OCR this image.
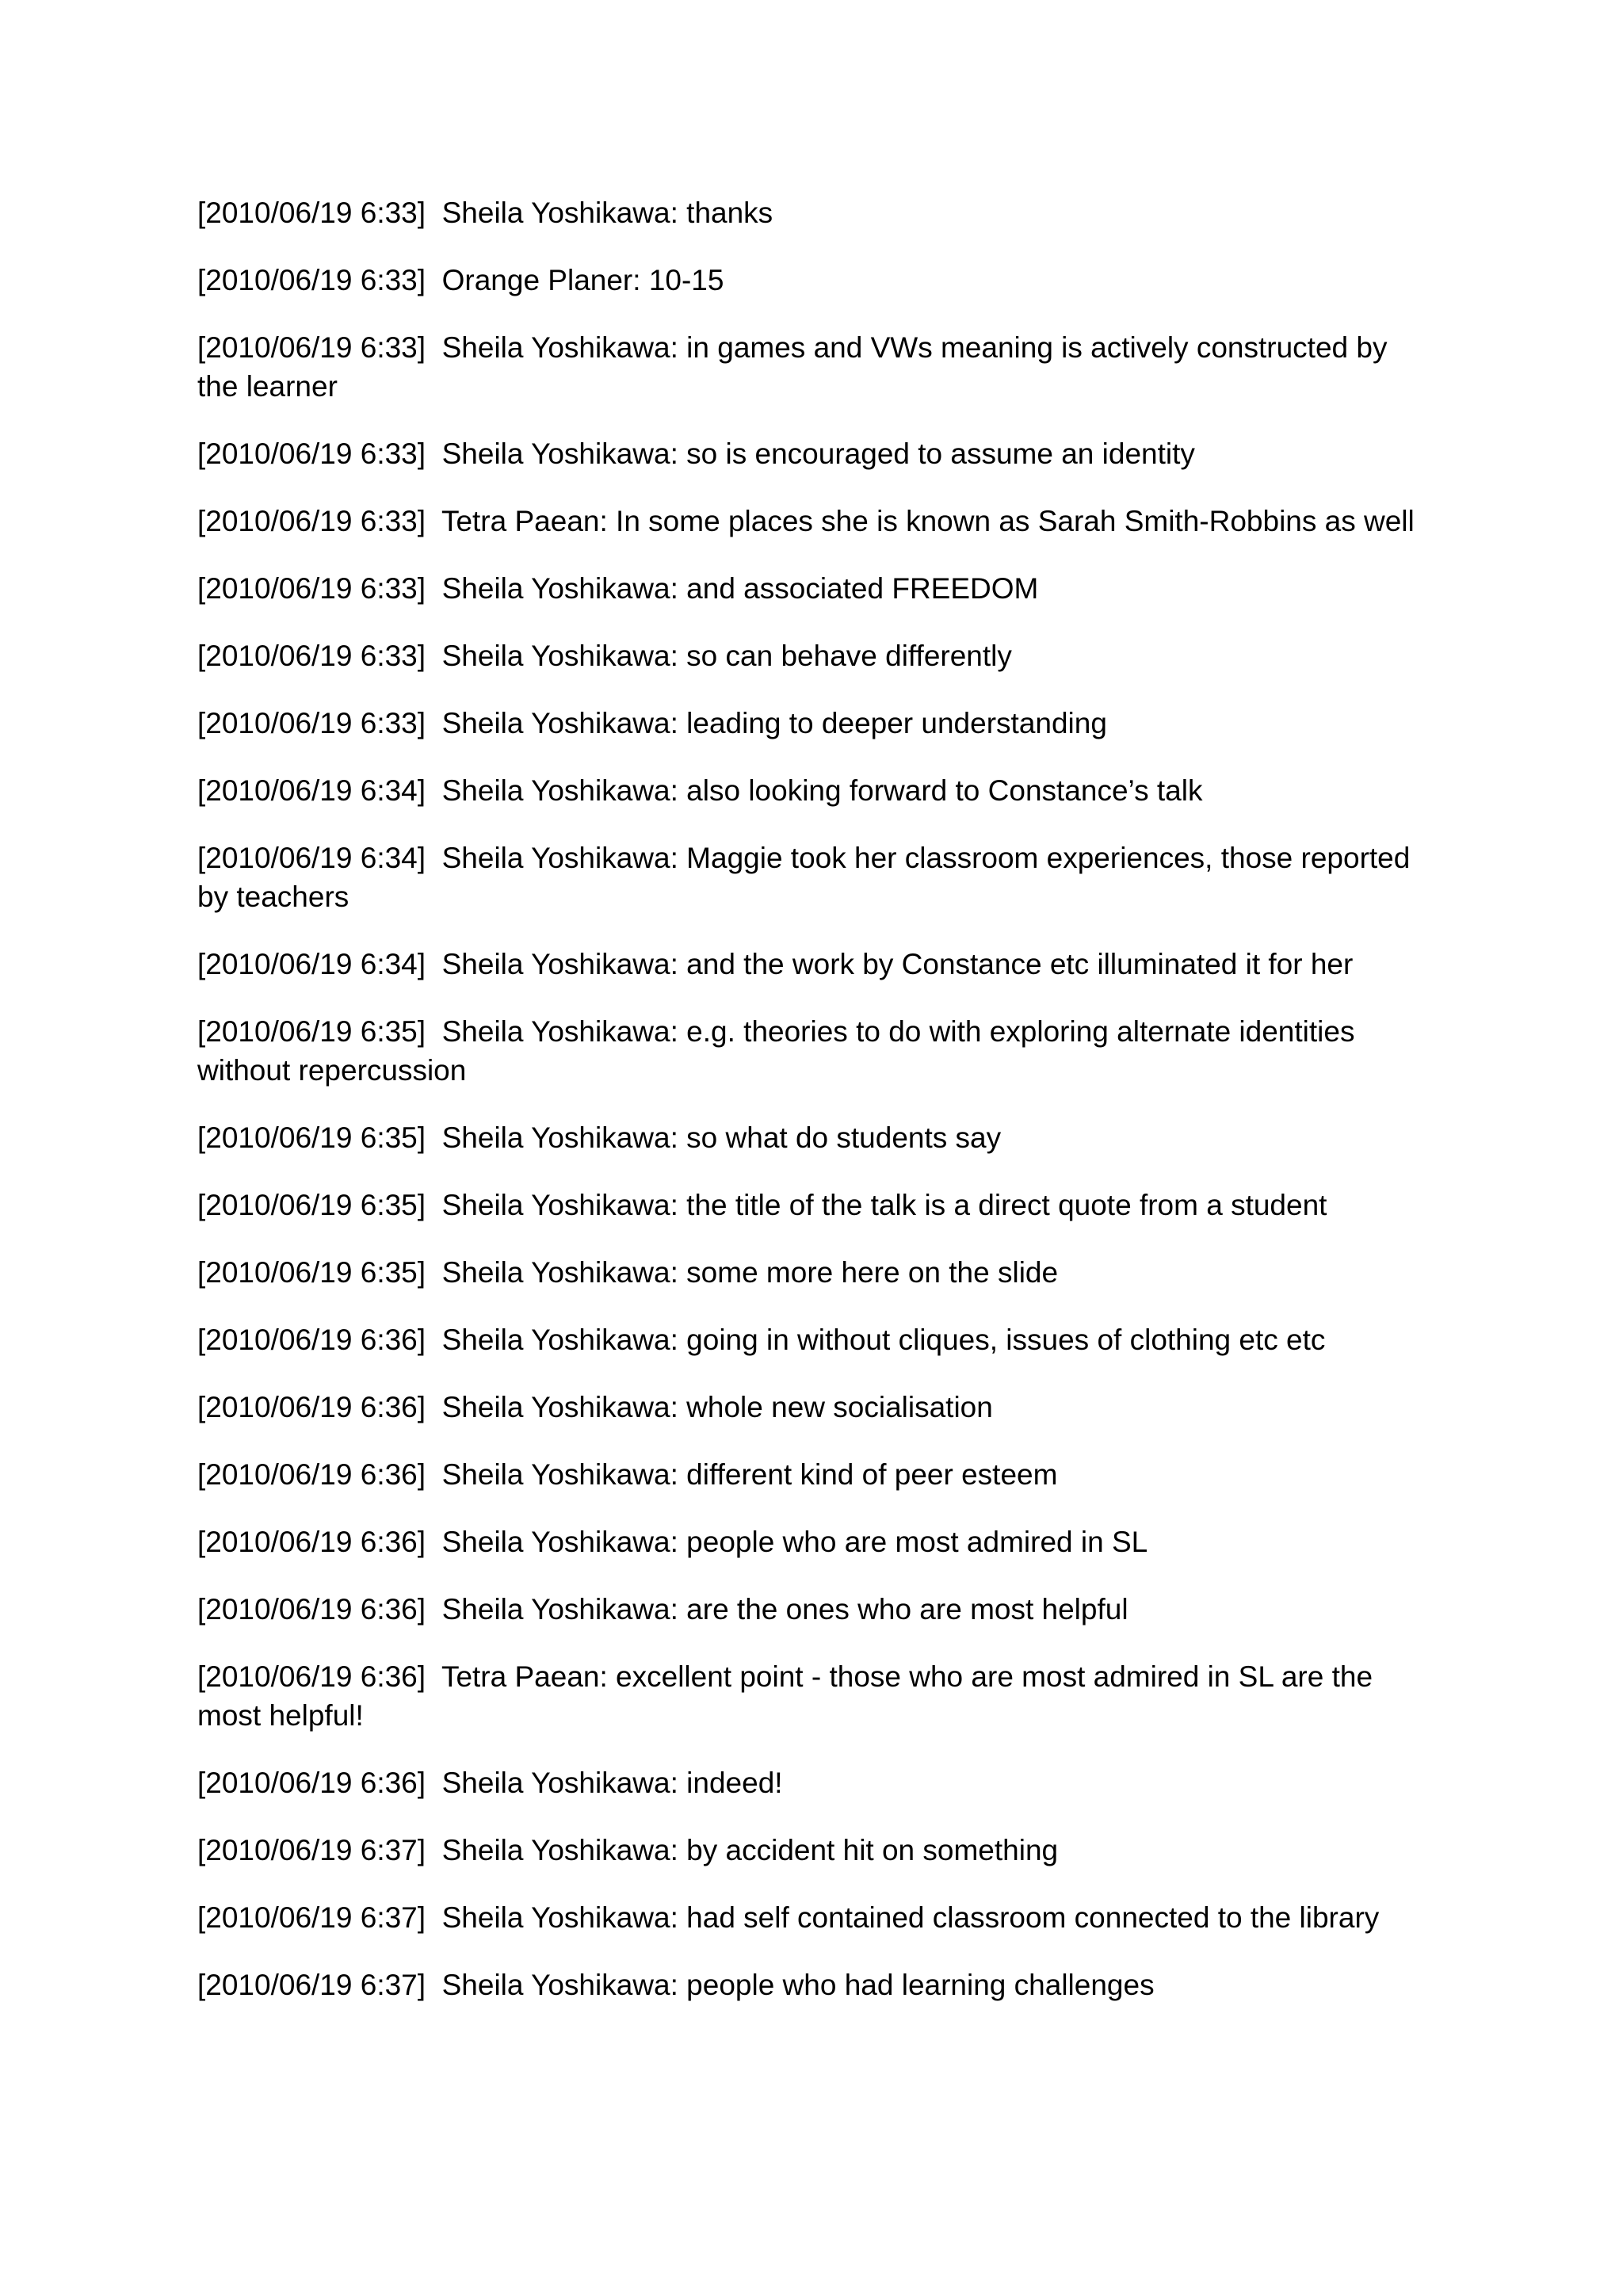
[2010/06/19 6:33] Sheila Yoshikawa: thanks
[2010/06/19 6:33] Orange Planer: 10-15
[2010/06/19 6:33] Sheila Yoshikawa: in games and VWs meaning is actively constructed by the learner
[2010/06/19 6:33] Sheila Yoshikawa: so is encouraged to assume an identity
[2010/06/19 6:33] Tetra Paean: In some places she is known as Sarah Smith-Robbins as well
[2010/06/19 6:33] Sheila Yoshikawa: and associated FREEDOM
[2010/06/19 6:33] Sheila Yoshikawa: so can behave differently
[2010/06/19 6:33] Sheila Yoshikawa: leading to deeper understanding
[2010/06/19 6:34] Sheila Yoshikawa: also looking forward to Constance’s talk
[2010/06/19 6:34] Sheila Yoshikawa: Maggie took her classroom experiences, those reported by teachers
[2010/06/19 6:34] Sheila Yoshikawa: and the work by Constance etc illuminated it for her
[2010/06/19 6:35] Sheila Yoshikawa: e.g. theories to do with exploring alternate identities without repercussion
[2010/06/19 6:35] Sheila Yoshikawa: so what do students say
[2010/06/19 6:35] Sheila Yoshikawa: the title of the talk is a direct quote from a student
[2010/06/19 6:35] Sheila Yoshikawa: some more here on the slide
[2010/06/19 6:36] Sheila Yoshikawa: going in without cliques, issues of clothing etc etc
[2010/06/19 6:36] Sheila Yoshikawa: whole new socialisation
[2010/06/19 6:36] Sheila Yoshikawa: different kind of peer esteem
[2010/06/19 6:36] Sheila Yoshikawa: people who are most admired in SL
[2010/06/19 6:36] Sheila Yoshikawa: are the ones who are most helpful
[2010/06/19 6:36] Tetra Paean: excellent point - those who are most admired in SL are the most helpful!
[2010/06/19 6:36] Sheila Yoshikawa: indeed!
[2010/06/19 6:37] Sheila Yoshikawa: by accident hit on something
[2010/06/19 6:37] Sheila Yoshikawa: had self contained classroom connected to the library
[2010/06/19 6:37] Sheila Yoshikawa: people who had learning challenges
